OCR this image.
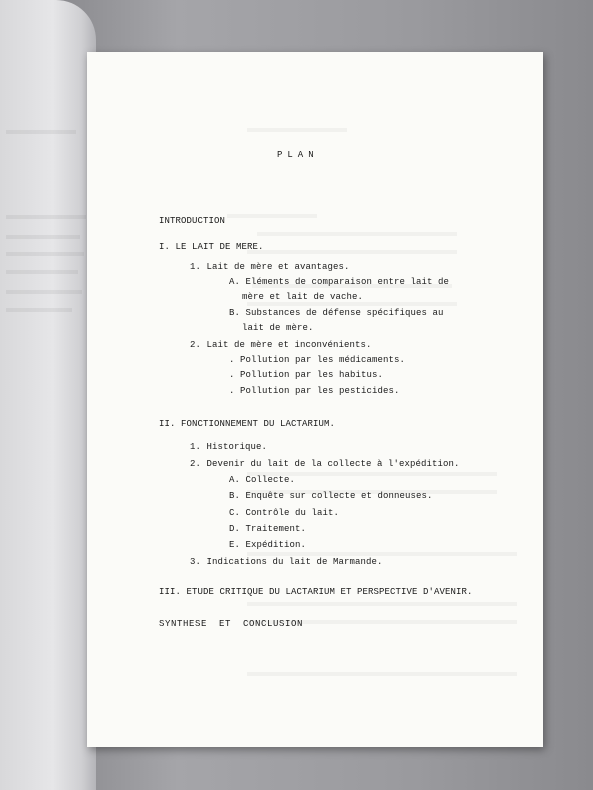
PLAN
INTRODUCTION
I. LE LAIT DE MERE.
1. Lait de mère et avantages.
A. Eléments de comparaison entre lait de
mère et lait de vache.
B. Substances de défense spécifiques au
lait de mère.
2. Lait de mère et inconvénients.
. Pollution par les médicaments.
. Pollution par les habitus.
. Pollution par les pesticides.
II. FONCTIONNEMENT DU LACTARIUM.
1. Historique.
2. Devenir du lait de la collecte à l'expédition.
A. Collecte.
B. Enquête sur collecte et donneuses.
C. Contrôle du lait.
D. Traitement.
E. Expédition.
3. Indications du lait de Marmande.
III. ETUDE CRITIQUE DU LACTARIUM ET PERSPECTIVE D'AVENIR.
SYNTHESE  ET  CONCLUSION
